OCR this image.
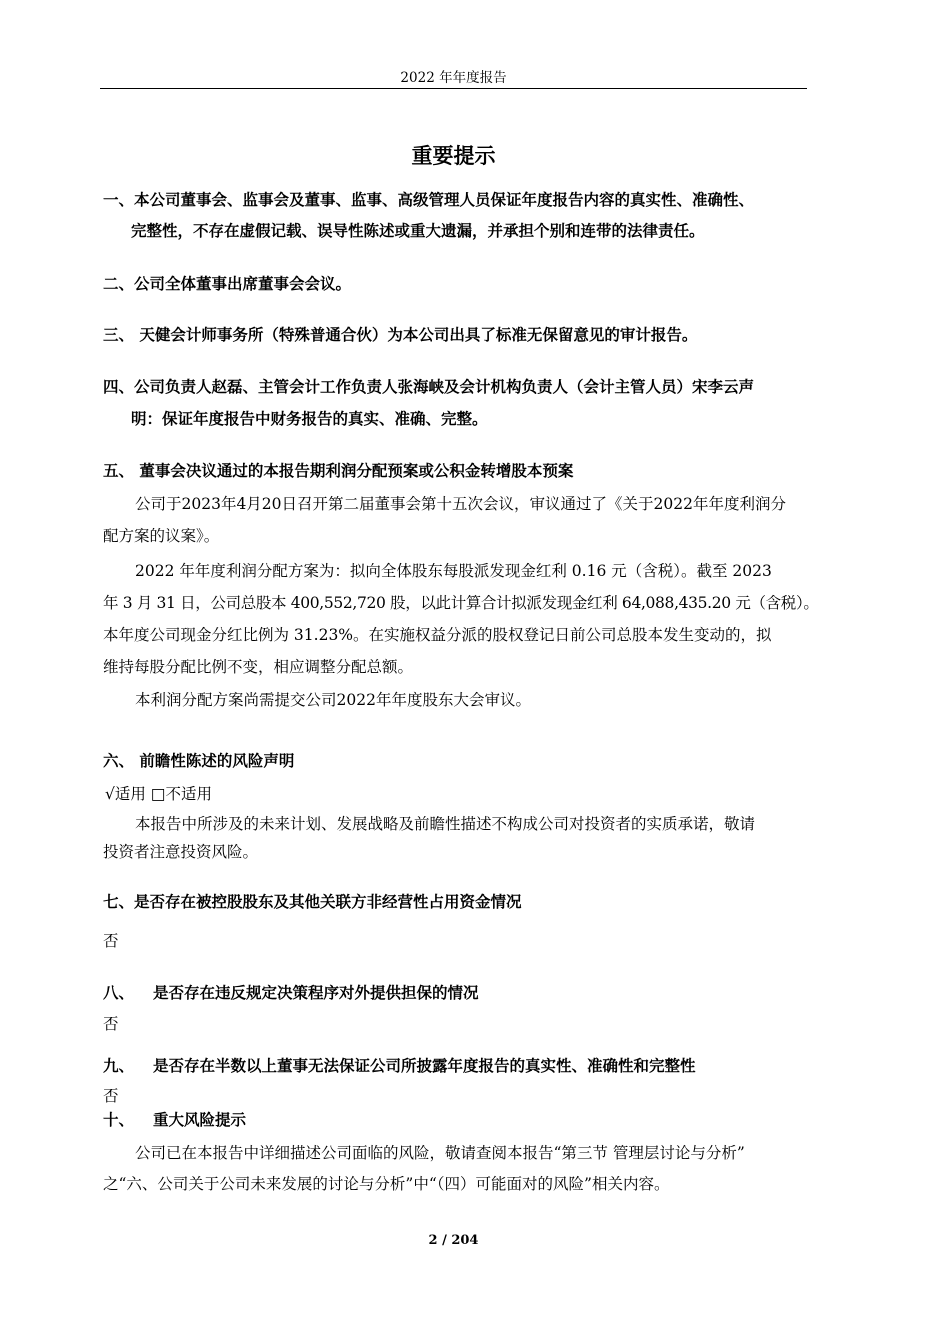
2022 年年度报告
重要提示
一、本公司董事会、监事会及董事、监事、高级管理人员保证年度报告内容的真实性、准确性、
完整性，不存在虚假记载、误导性陈述或重大遗漏，并承担个别和连带的法律责任。
二、公司全体董事出席董事会会议。
三、 天健会计师事务所（特殊普通合伙）为本公司出具了标准无保留意见的审计报告。
四、公司负责人赵磊、主管会计工作负责人张海峡及会计机构负责人（会计主管人员）宋李云声
明：保证年度报告中财务报告的真实、准确、完整。
五、 董事会决议通过的本报告期利润分配预案或公积金转增股本预案
公司于2023年4月20日召开第二届董事会第十五次会议，审议通过了《关于2022年年度利润分
配方案的议案》。
2022 年年度利润分配方案为：拟向全体股东每股派发现金红利 0.16 元（含税）。截至 2023
年 3 月 31 日，公司总股本 400,552,720 股，以此计算合计拟派发现金红利 64,088,435.20 元（含税）。
本年度公司现金分红比例为 31.23%。在实施权益分派的股权登记日前公司总股本发生变动的，拟
维持每股分配比例不变，相应调整分配总额。
本利润分配方案尚需提交公司2022年年度股东大会审议。
六、 前瞻性陈述的风险声明
√适用 □不适用
本报告中所涉及的未来计划、发展战略及前瞻性描述不构成公司对投资者的实质承诺，敬请
投资者注意投资风险。
七、是否存在被控股股东及其他关联方非经营性占用资金情况
否
八、 是否存在违反规定决策程序对外提供担保的情况
否
九、 是否存在半数以上董事无法保证公司所披露年度报告的真实性、准确性和完整性
否
十、 重大风险提示
公司已在本报告中详细描述公司面临的风险，敬请查阅本报告“第三节 管理层讨论与分析”
之“六、公司关于公司未来发展的讨论与分析”中“（四）可能面对的风险”相关内容。
2 / 204
